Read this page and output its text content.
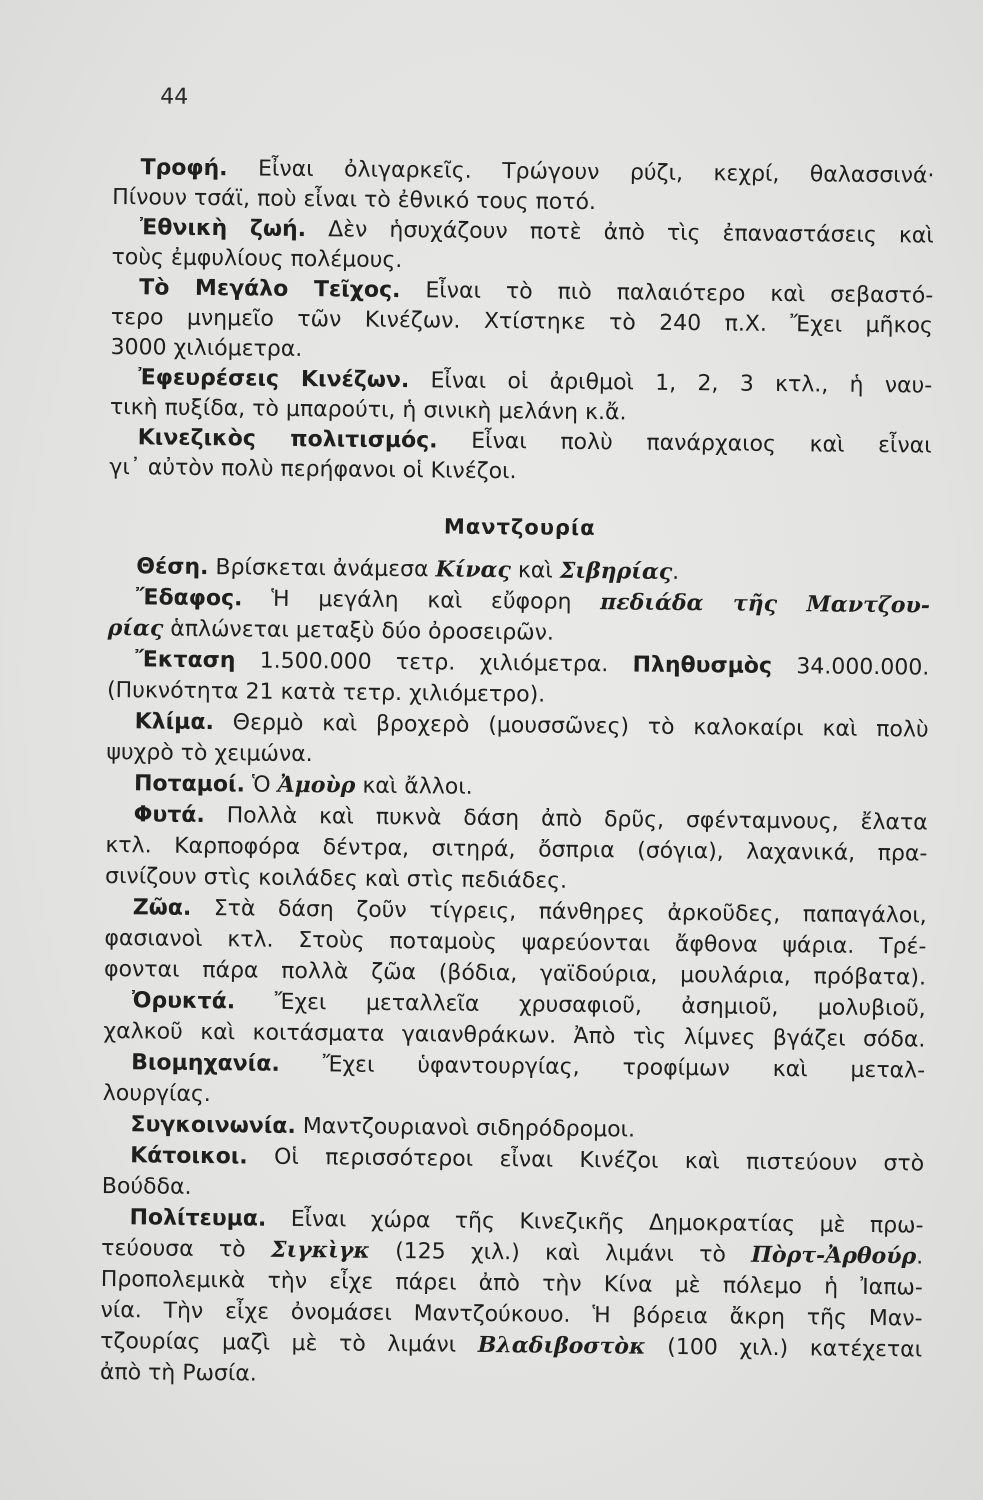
44
Τροφή. Εἶναι ὀλιγαρκεῖς. Τρώγουν ρύζι, κεχρί, θαλασσινά·
Πίνουν τσάϊ, ποὺ εἶναι τὸ ἐθνικό τους ποτό.
Ἐθνικὴ ζωή. Δὲν ἡσυχάζουν ποτὲ ἀπὸ τὶς ἐπαναστάσεις καὶ
τοὺς ἐμφυλίους πολέμους.
Τὸ Μεγάλο Τεῖχος. Εἶναι τὸ πιὸ παλαιότερο καὶ σεβαστό-
τερο μνημεῖο τῶν Κινέζων. Χτίστηκε τὸ 240 π.Χ. Ἔχει μῆκος
3000 χιλιόμετρα.
Ἐφευρέσεις Κινέζων. Εἶναι οἱ ἀριθμοὶ 1, 2, 3 κτλ., ἡ ναυ-
τικὴ πυξίδα, τὸ μπαρούτι, ἡ σινικὴ μελάνη κ.ἄ.
Κινεζικὸς πολιτισμός. Εἶναι πολὺ πανάρχαιος καὶ εἶναι
γι᾽ αὐτὸν πολὺ περήφανοι οἱ Κινέζοι.
Μαντζουρία
Θέση. Βρίσκεται ἀνάμεσα Κίνας καὶ Σιβηρίας.
Ἔδαφος. Ἡ μεγάλη καὶ εὔφορη πεδιάδα τῆς Μαντζου-
ρίας ἁπλώνεται μεταξὺ δύο ὀροσειρῶν.
Ἔκταση 1.500.000 τετρ. χιλιόμετρα. Πληθυσμὸς 34.000.000.
(Πυκνότητα 21 κατὰ τετρ. χιλιόμετρο).
Κλίμα. Θερμὸ καὶ βροχερὸ (μουσσῶνες) τὸ καλοκαίρι καὶ πολὺ
ψυχρὸ τὸ χειμώνα.
Ποταμοί. Ὁ Ἀμοὺρ καὶ ἄλλοι.
Φυτά. Πολλὰ καὶ πυκνὰ δάση ἀπὸ δρῦς, σφένταμνους, ἔλατα
κτλ. Καρποφόρα δέντρα, σιτηρά, ὄσπρια (σόγια), λαχανικά, πρα-
σινίζουν στὶς κοιλάδες καὶ στὶς πεδιάδες.
Ζῶα. Στὰ δάση ζοῦν τίγρεις, πάνθηρες ἀρκοῦδες, παπαγάλοι,
φασιανοὶ κτλ. Στοὺς ποταμοὺς ψαρεύονται ἄφθονα ψάρια. Τρέ-
φονται πάρα πολλὰ ζῶα (βόδια, γαϊδούρια, μουλάρια, πρόβατα).
Ὀρυκτά. Ἔχει μεταλλεῖα χρυσαφιοῦ, ἀσημιοῦ, μολυβιοῦ,
χαλκοῦ καὶ κοιτάσματα γαιανθράκων. Ἀπὸ τὶς λίμνες βγάζει σόδα.
Βιομηχανία. Ἔχει ὑφαντουργίας, τροφίμων καὶ μεταλ-
λουργίας.
Συγκοινωνία. Μαντζουριανοὶ σιδηρόδρομοι.
Κάτοικοι. Οἱ περισσότεροι εἶναι Κινέζοι καὶ πιστεύουν στὸ
Βούδδα.
Πολίτευμα. Εἶναι χώρα τῆς Κινεζικῆς Δημοκρατίας μὲ πρω-
τεύουσα τὸ Σιγκὶγκ (125 χιλ.) καὶ λιμάνι τὸ Πὸρτ-Ἀρθούρ.
Προπολεμικὰ τὴν εἶχε πάρει ἀπὸ τὴν Κίνα μὲ πόλεμο ἡ Ἰαπω-
νία. Τὴν εἶχε ὀνομάσει Μαντζούκουο. Ἡ βόρεια ἄκρη τῆς Μαν-
τζουρίας μαζὶ μὲ τὸ λιμάνι Βλαδιβοστὸκ (100 χιλ.) κατέχεται
ἀπὸ τὴ Ρωσία.
